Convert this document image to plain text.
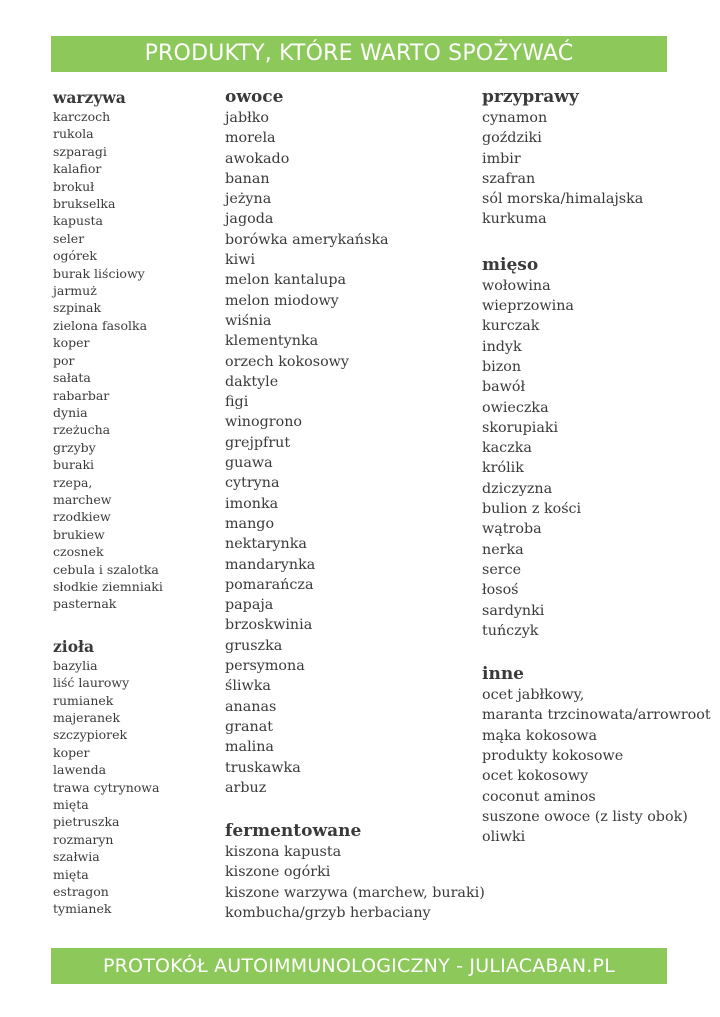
PRODUKTY, KTÓRE WARTO SPOŻYWAĆ
warzywa
karczoch
rukola
szparagi
kalafior
brokuł
brukselka
kapusta
seler
ogórek
burak liściowy
jarmuż
szpinak
zielona fasolka
koper
por
sałata
rabarbar
dynia
rzeżucha
grzyby
buraki
rzepa,
marchew
rzodkiew
brukiew
czosnek
cebula i szalotka
słodkie ziemniaki
pasternak
zioła
bazylia
liść laurowy
rumianek
majeranek
szczypiorek
koper
lawenda
trawa cytrynowa
mięta
pietruszka
rozmaryn
szałwia
mięta
estragon
tymianek
owoce
jabłko
morela
awokado
banan
jeżyna
jagoda
borówka amerykańska
kiwi
melon kantalupa
melon miodowy
wiśnia
klementynka
orzech kokosowy
daktyle
figi
winogrono
grejpfrut
guawa
cytryna
imonka
mango
nektarynka
mandarynka
pomarańcza
papaja
brzoskwinia
gruszka
persymona
śliwka
ananas
granat
malina
truskawka
arbuz
fermentowane
kiszona kapusta
kiszone ogórki
kiszone warzywa (marchew, buraki)
kombucha/grzyb herbaciany
przyprawy
cynamon
goździki
imbir
szafran
sól morska/himalajska
kurkuma
mięso
wołowina
wieprzowina
kurczak
indyk
bizon
bawół
owieczka
skorupiaki
kaczka
królik
dziczyzna
bulion z kości
wątroba
nerka
serce
łosoś
sardynki
tuńczyk
inne
ocet jabłkowy,
maranta trzcinowata/arrowroot
mąka kokosowa
produkty kokosowe
ocet kokosowy
coconut aminos
suszone owoce (z listy obok)
oliwki
PROTOKÓŁ AUTOIMMUNOLOGICZNY - JULIACABAN.PL
